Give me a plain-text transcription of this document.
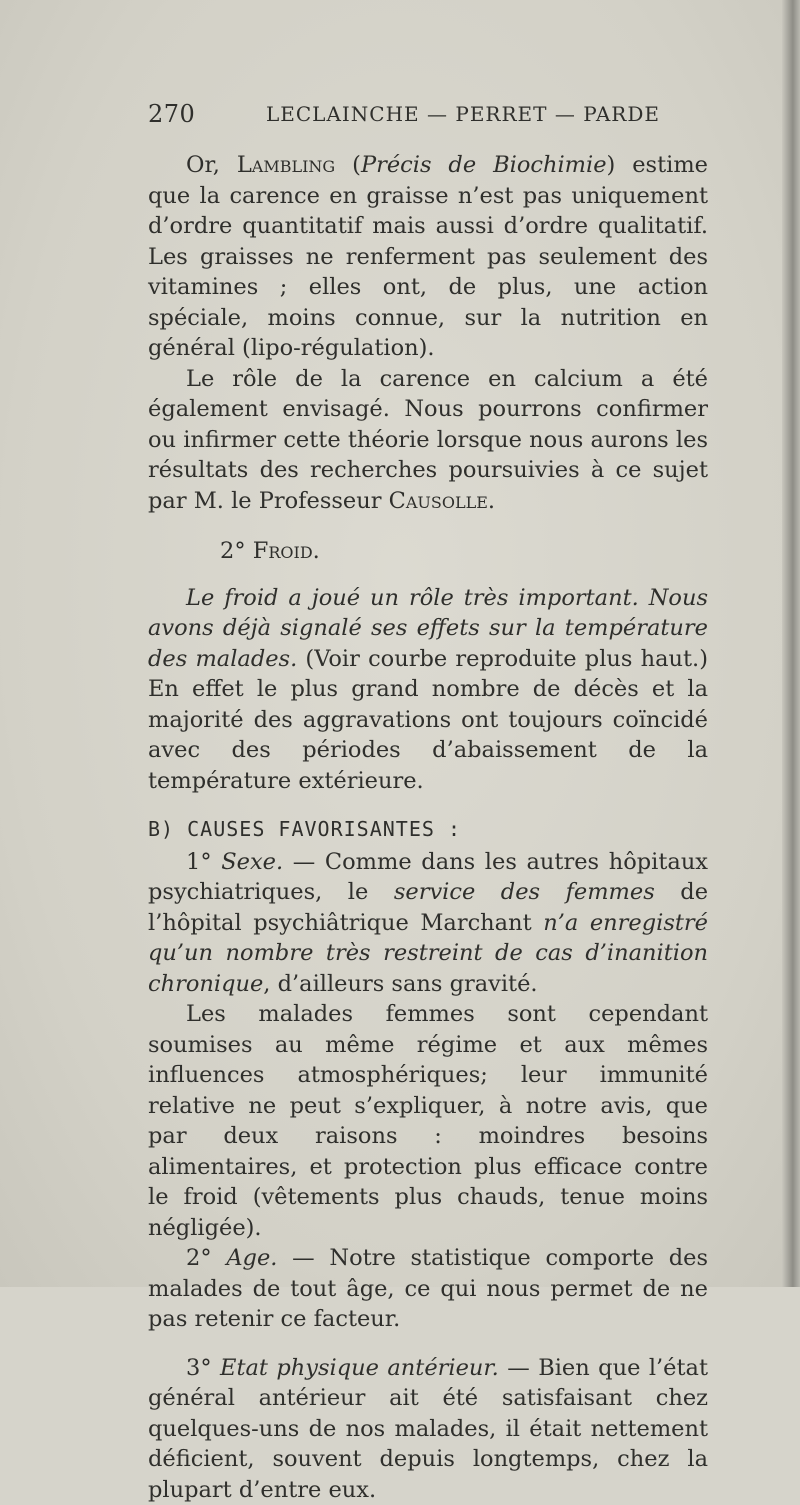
270	LECLAINCHE — PERRET — PARDE

Or, Lambling (Précis de Biochimie) estime que la carence en graisse n’est pas uniquement d’ordre quantitatif mais aussi d’ordre qualitatif. Les graisses ne renferment pas seulement des vitamines ; elles ont, de plus, une action spéciale, moins connue, sur la nutrition en général (lipo-régulation).

Le rôle de la carence en calcium a été également envisagé. Nous pourrons confirmer ou infirmer cette théorie lorsque nous aurons les résultats des recherches poursuivies à ce sujet par M. le Professeur Causolle.

2° Froid.

Le froid a joué un rôle très important. Nous avons déjà signalé ses effets sur la température des malades. (Voir courbe reproduite plus haut.) En effet le plus grand nombre de décès et la majorité des aggravations ont toujours coïncidé avec des périodes d’abaissement de la température extérieure.

B) CAUSES FAVORISANTES :

1° Sexe. — Comme dans les autres hôpitaux psychiatriques, le service des femmes de l’hôpital psychiâtrique Marchant n’a enregistré qu’un nombre très restreint de cas d’inanition chronique, d’ailleurs sans gravité.

Les malades femmes sont cependant soumises au même régime et aux mêmes influences atmosphériques; leur immunité relative ne peut s’expliquer, à notre avis, que par deux raisons : moindres besoins alimentaires, et protection plus efficace contre le froid (vêtements plus chauds, tenue moins négligée).

2° Age. — Notre statistique comporte des malades de tout âge, ce qui nous permet de ne pas retenir ce facteur.

3° Etat physique antérieur. — Bien que l’état général antérieur ait été satisfaisant chez quelques-uns de nos malades, il était nettement déficient, souvent depuis longtemps, chez la plupart d’entre eux.
